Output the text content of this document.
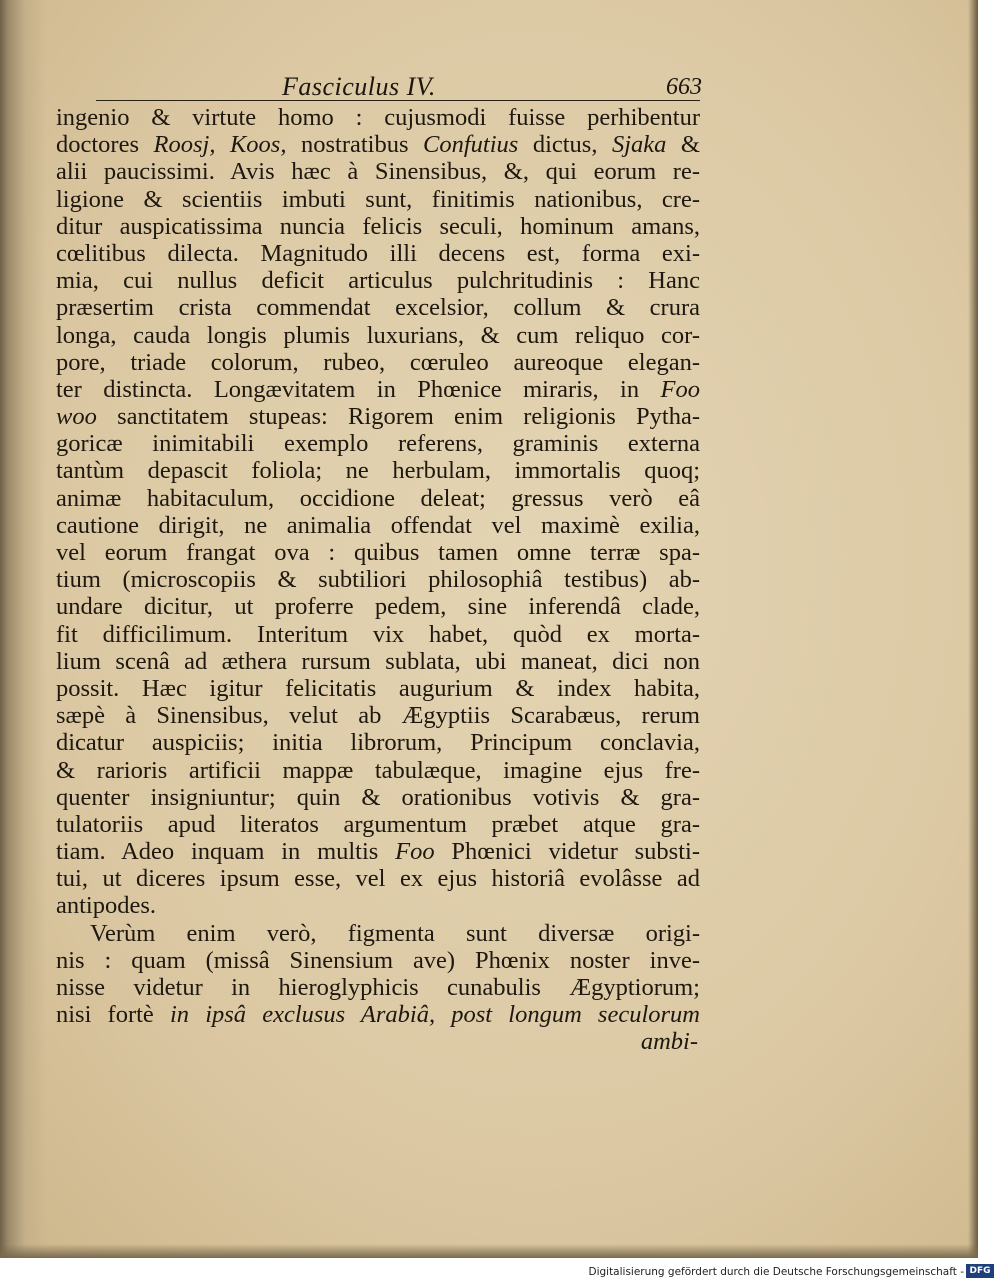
Fasciculus IV.	663
ingenio & virtute homo : cujusmodi fuisse perhibentur
doctores Roosj, Koos, nostratibus Confutius dictus, Sjaka &
alii paucissimi. Avis hæc à Sinensibus, &, qui eorum re-
ligione & scientiis imbuti sunt, finitimis nationibus, cre-
ditur auspicatissima nuncia felicis seculi, hominum amans,
cœlitibus dilecta. Magnitudo illi decens est, forma exi-
mia, cui nullus deficit articulus pulchritudinis : Hanc
præsertim crista commendat excelsior, collum & crura
longa, cauda longis plumis luxurians, & cum reliquo cor-
pore, triade colorum, rubeo, cœruleo aureoque elegan-
ter distincta. Longævitatem in Phœnice miraris, in Foo
woo sanctitatem stupeas: Rigorem enim religionis Pytha-
goricæ inimitabili exemplo referens, graminis externa
tantùm depascit foliola; ne herbulam, immortalis quoq;
animæ habitaculum, occidione deleat; gressus verò eâ
cautione dirigit, ne animalia offendat vel maximè exilia,
vel eorum frangat ova : quibus tamen omne terræ spa-
tium (microscopiis & subtiliori philosophiâ testibus) ab-
undare dicitur, ut proferre pedem, sine inferendâ clade,
fit difficilimum. Interitum vix habet, quòd ex morta-
lium scenâ ad æthera rursum sublata, ubi maneat, dici non
possit. Hæc igitur felicitatis augurium & index habita,
sæpè à Sinensibus, velut ab Ægyptiis Scarabæus, rerum
dicatur auspiciis; initia librorum, Principum conclavia,
& rarioris artificii mappæ tabulæque, imagine ejus fre-
quenter insigniuntur; quin & orationibus votivis & gra-
tulatoriis apud literatos argumentum præbet atque gra-
tiam. Adeo inquam in multis Foo Phœnici videtur substi-
tui, ut diceres ipsum esse, vel ex ejus historiâ evolâsse ad
antipodes.
Verùm enim verò, figmenta sunt diversæ origi-
nis : quam (missâ Sinensium ave) Phœnix noster inve-
nisse videtur in hieroglyphicis cunabulis Ægyptiorum;
nisi fortè in ipsâ exclusus Arabiâ, post longum seculorum
ambi-
Digitalisierung gefördert durch die Deutsche Forschungsgemeinschaft - DFG
